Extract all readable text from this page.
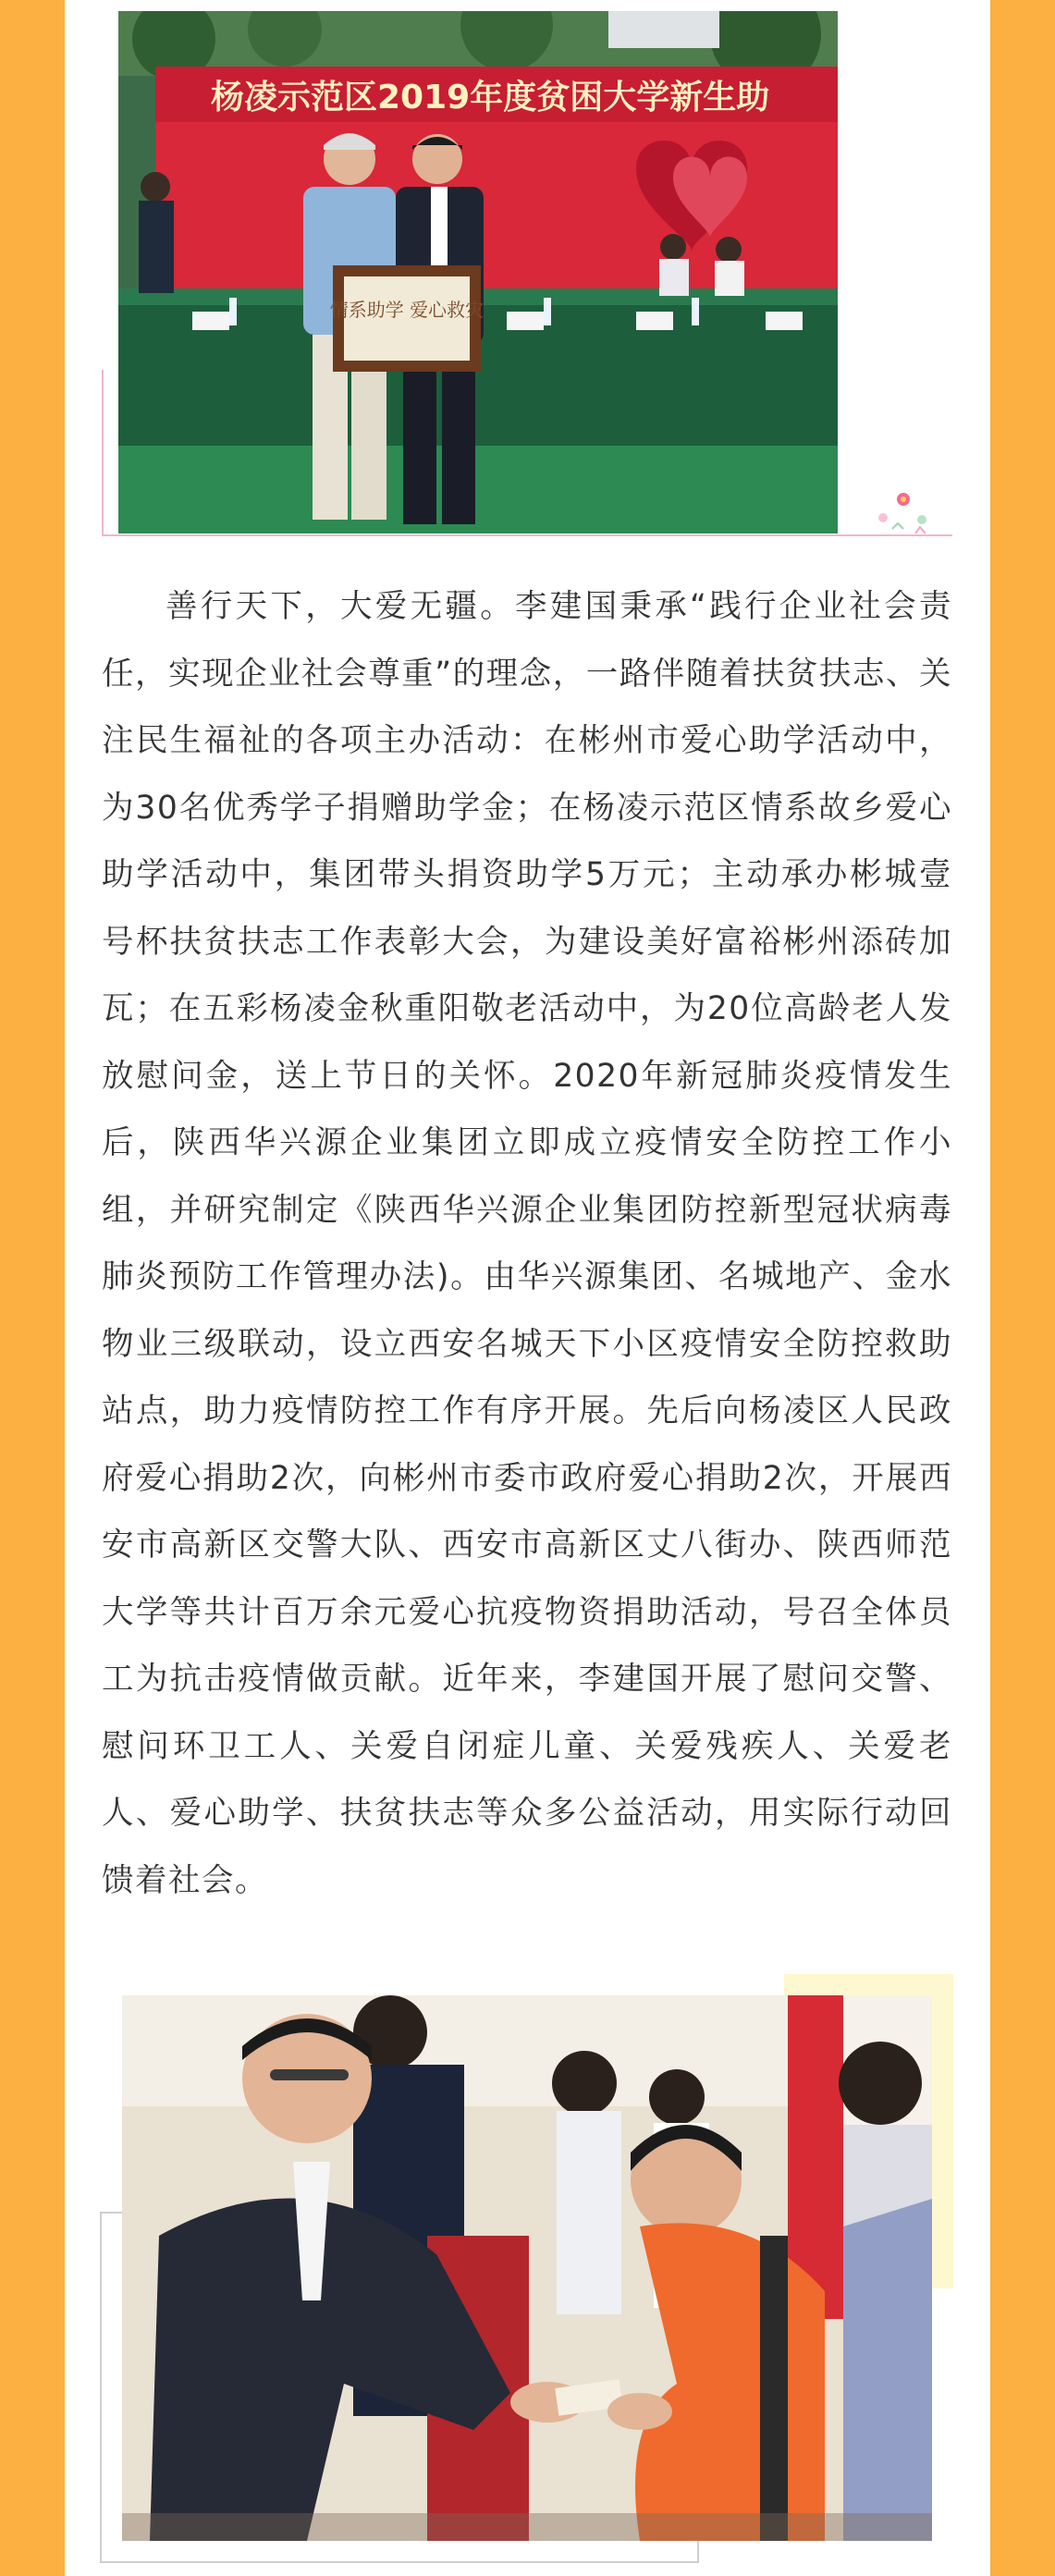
杨凌示范区2019年度贫困大学新生助
情系助学 爱心救灾

善行天下，大爱无疆。李建国秉承“践行企业社会责任，实现企业社会尊重”的理念，一路伴随着扶贫扶志、关注民生福祉的各项主办活动：在彬州市爱心助学活动中，为30名优秀学子捐赠助学金；在杨凌示范区情系故乡爱心助学活动中，集团带头捐资助学5万元；主动承办彬城壹号杯扶贫扶志工作表彰大会，为建设美好富裕彬州添砖加瓦；在五彩杨凌金秋重阳敬老活动中，为20位高龄老人发放慰问金，送上节日的关怀。2020年新冠肺炎疫情发生后，陕西华兴源企业集团立即成立疫情安全防控工作小组，并研究制定《陕西华兴源企业集团防控新型冠状病毒肺炎预防工作管理办法)。由华兴源集团、名城地产、金水物业三级联动，设立西安名城天下小区疫情安全防控救助站点，助力疫情防控工作有序开展。先后向杨凌区人民政府爱心捐助2次，向彬州市委市政府爱心捐助2次，开展西安市高新区交警大队、西安市高新区丈八街办、陕西师范大学等共计百万余元爱心抗疫物资捐助活动，号召全体员工为抗击疫情做贡献。近年来，李建国开展了慰问交警、慰问环卫工人、关爱自闭症儿童、关爱残疾人、关爱老人、爱心助学、扶贫扶志等众多公益活动，用实际行动回馈着社会。
